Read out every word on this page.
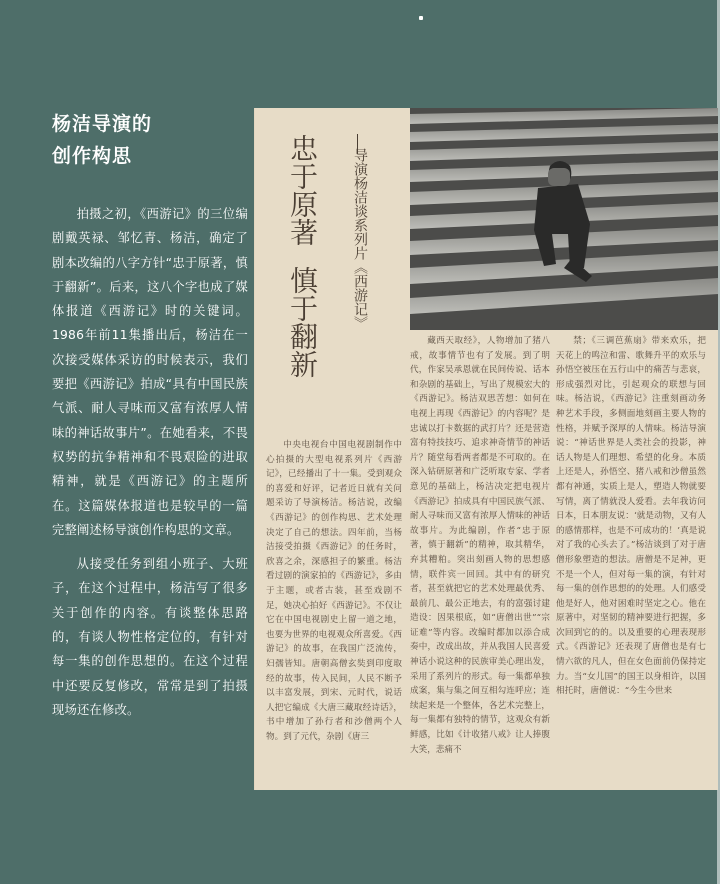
杨洁导演的
创作构思

拍摄之初，《西游记》的三位编剧戴英禄、邹忆青、杨洁，确定了剧本改编的八字方针“忠于原著，慎于翻新”。后来，这八个字也成了媒体报道《西游记》时的关键词。1986年前11集播出后，杨洁在一次接受媒体采访的时候表示，我们要把《西游记》拍成“具有中国民族气派、耐人寻味而又富有浓厚人情味的神话故事片”。在她看来，不畏权势的抗争精神和不畏艰险的进取精神，就是《西游记》的主题所在。这篇媒体报道也是较早的一篇完整阐述杨导演创作构思的文章。

从接受任务到组小班子、大班子，在这个过程中，杨洁写了很多关于创作的内容。有谈整体思路的，有谈人物性格定位的，有针对每一集的创作思想的。在这个过程中还要反复修改，常常是到了拍摄现场还在修改。

忠于原著慎于翻新	导演杨洁谈系列片《西游记》
中央电视台中国电视剧制作中心拍摄的大型电视系列片《西游记》，已经播出了十一集。受到观众的喜爱和好评，记者近日就有关问题采访了导演杨洁。杨洁说，改编《西游记》的创作构思、艺术处理决定了自己的想法。四年前，当杨洁接受拍摄《西游记》的任务时，欣喜之余，深感担子的繁重。杨洁看过剧的演家拍的《西游记》，多由于主题，或者古装，甚至戏剧不足，她决心拍好《西游记》。不仅让它在中国电视剧史上留一道之地，也要为世界的电视观众所喜爱。《西游记》的故事，在我国广泛流传，妇孺皆知。唐朝高僧玄奘到印度取经的故事，传入民间，人民不断予以丰富发展，到宋、元时代，说话人把它编成《大唐三藏取经诗话》，书中增加了孙行者和沙僧两个人物。到了元代，杂剧《唐三
藏西天取经》，人物增加了猪八戒，故事情节也有了发展。到了明代，作家吴承恩就在民间传说、话本和杂剧的基础上，写出了规模宏大的《西游记》。杨洁双思苦想：如何在电视上再现《西游记》的内容呢？是忠诚以打卡数据的武打片？还是营造富有特技技巧、追求神奇情节的神话片？随堂每看两者都是不可取的。在深入钻研原著和广泛听取专家、学者意见的基础上，杨洁决定把电视片《西游记》拍成具有中国民族气派、耐人寻味而又富有浓厚人情味的神话故事片。为此编剧，作者“忠于原著，慎于翻新”的精神，取其精华，弃其糟粕。突出刻画人物的思想感情，联件宾一回回。其中有的研究者，甚至就把它的艺术处理最优秀、最前几、最公正地去，有的富强讨建造设：因果根底，如“唐僧出世”“宗证难”等内容。改编时都加以添合成奏中，改成出故，并从我国人民喜爱神话小说这种的民族审美心理出发，采用了系列片的形式。每一集都单独成案，集与集之间互相勾连呼应；连续起来是一个整体，各艺术完整上，每一集都有独特的情节，这观众有新鲜感，比如《计收猪八戒》让人捧腹大笑，悲痛不
禁；《三调芭蕉扇》带来欢乐，把天花上的鸣泣和雷、歌舞升平的欢乐与孙悟空被压在五行山中的痛苦与悲哀，形成强烈对比，引起观众的联想与回味。杨洁说，《西游记》注重刻画动务种艺术手段，多侧面地刻画主要人物的性格，并赋予深厚的人情味。杨洁导演说：“神话世界是人类社会的投影，神话人物是人们理想、希望的化身。本质上还是人，孙悟空、猪八戒和沙僧虽然都有神通，实质上是人，塑造人物就要写情，离了情就没人爱看。去年我访问日本，日本朋友说：‘就是动物，又有人的感情那样，也是不可成功的！’真是说对了我的心头去了。”杨洁谈到了对于唐僧形象塑造的想法。唐僧是不足神，更不是一个人，但对每一集的演，有针对每一集的创作思想的的处理。人们感受他是好人，他对困难时坚定之心。他在原著中，对坚韧的精神要进行把握，多次回到它的的。以及重要的心理表现形式。《西游记》还表现了唐僧也是有七情六欲的凡人，但在女色面前仍保持定力。当“女儿国”的国王以身相许，以国相托时，唐僧说：“今生今世来
